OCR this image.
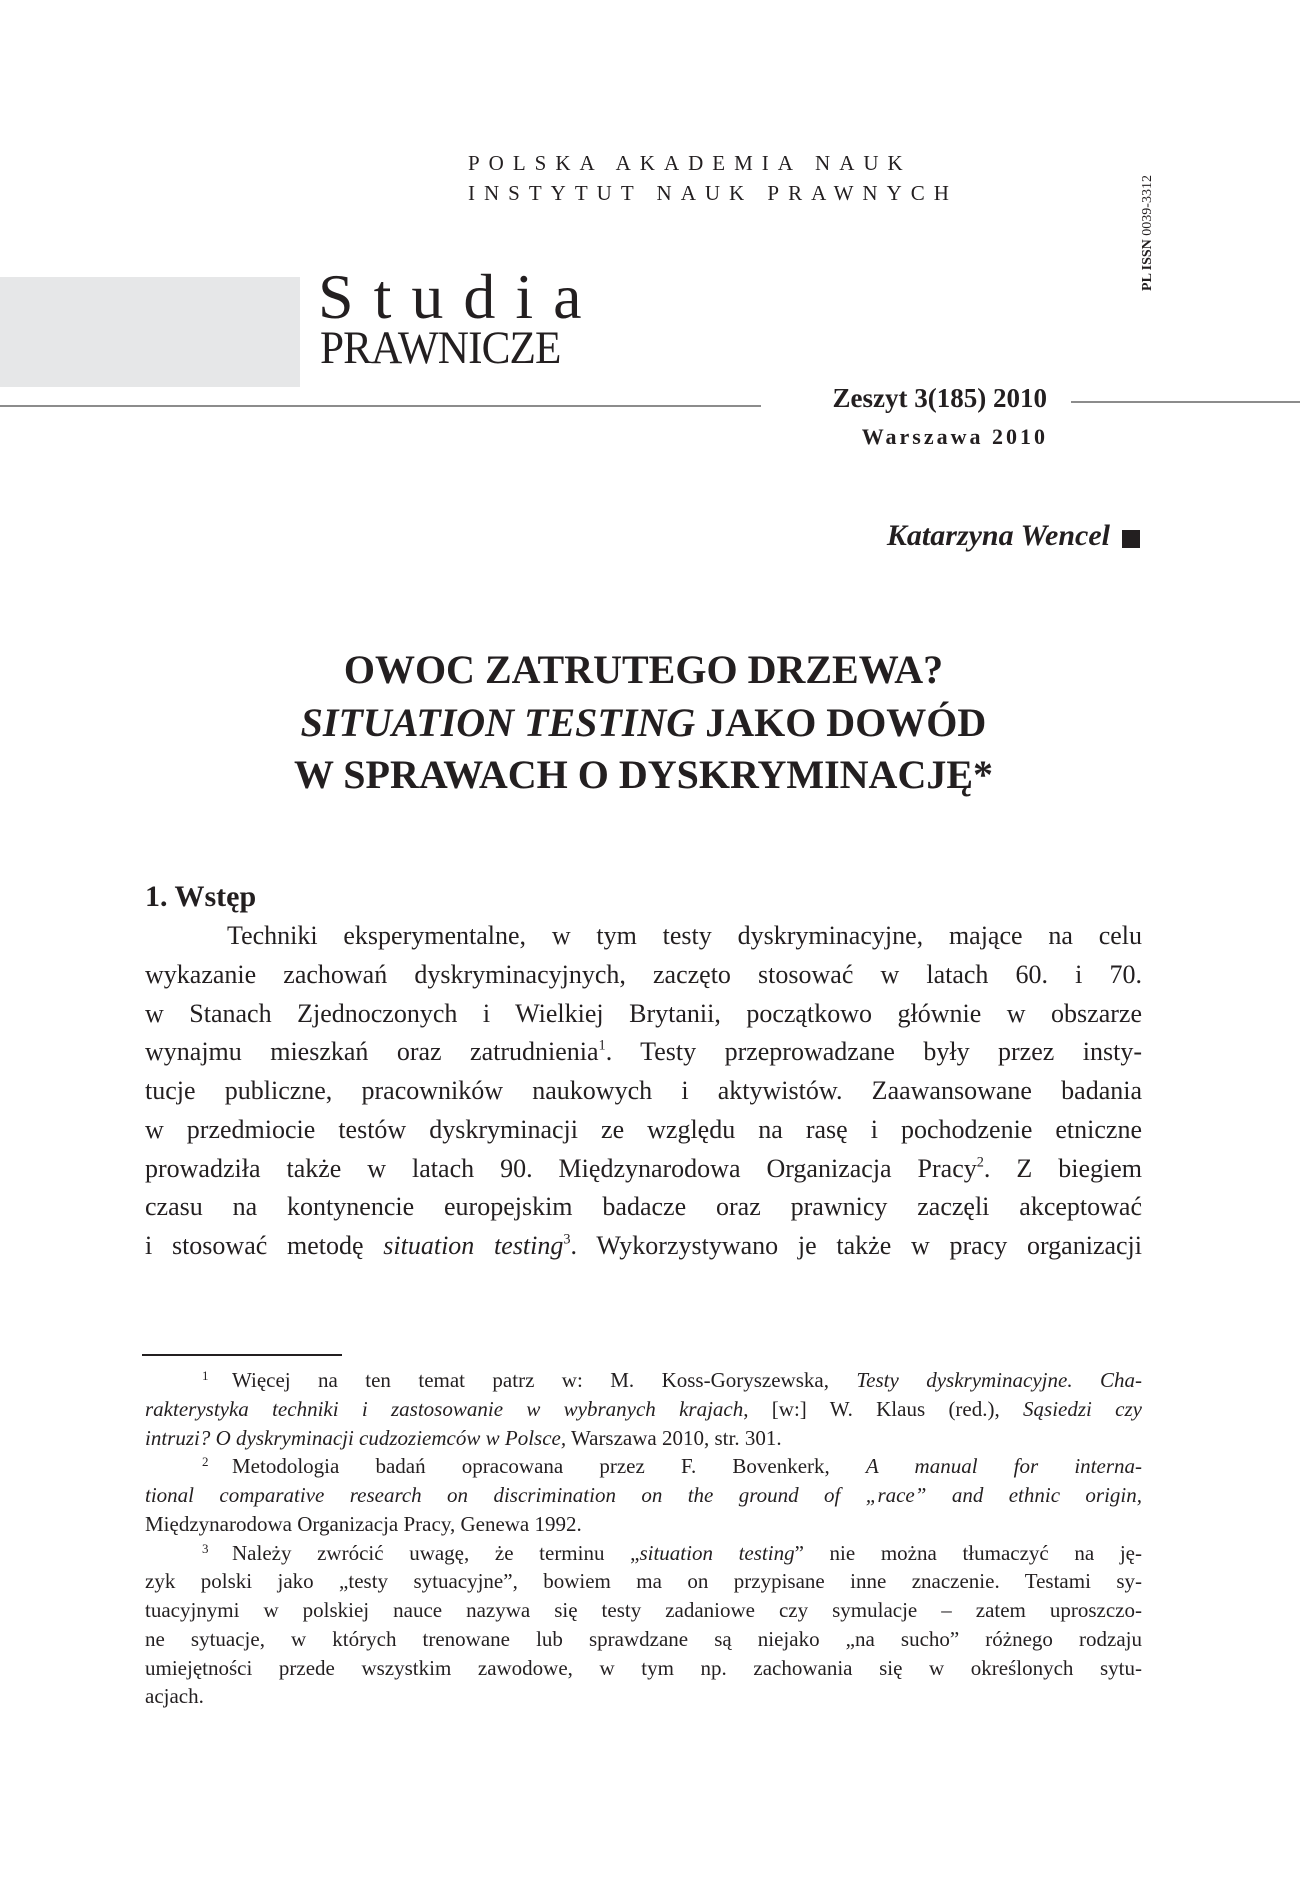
POLSKA AKADEMIA NAUK
INSTYTUT NAUK PRAWNYCH
Studia
PRAWNICZE
PL ISSN 0039-3312
Zeszyt 3(185) 2010
Warszawa 2010
Katarzyna Wencel
OWOC ZATRUTEGO DRZEWA?
SITUATION TESTING JAKO DOWÓD
W SPRAWACH O DYSKRYMINACJĘ*
1. Wstęp
Techniki eksperymentalne, w tym testy dyskryminacyjne, mające na celu
wykazanie zachowań dyskryminacyjnych, zaczęto stosować w latach 60. i 70.
w Stanach Zjednoczonych i Wielkiej Brytanii, początkowo głównie w obszarze
wynajmu mieszkań oraz zatrudnienia$^1$. Testy przeprowadzane były przez insty-
tucje publiczne, pracowników naukowych i aktywistów. Zaawansowane badania
w przedmiocie testów dyskryminacji ze względu na rasę i pochodzenie etniczne
prowadziła także w latach 90. Międzynarodowa Organizacja Pracy$^2$. Z biegiem
czasu na kontynencie europejskim badacze oraz prawnicy zaczęli akceptować
i stosować metodę situation testing$^3$. Wykorzystywano je także w pracy organizacji
1 Więcej na ten temat patrz w: M. Koss-Goryszewska, Testy dyskryminacyjne. Cha-
rakterystyka techniki i zastosowanie w wybranych krajach, [w:] W. Klaus (red.), Sąsiedzi czy
intruzi? O dyskryminacji cudzoziemców w Polsce, Warszawa 2010, str. 301.
2 Metodologia badań opracowana przez F. Bovenkerk, A manual for interna-
tional comparative research on discrimination on the ground of „race” and ethnic origin,
Międzynarodowa Organizacja Pracy, Genewa 1992.
3 Należy zwrócić uwagę, że terminu „situation testing” nie można tłumaczyć na ję-
zyk polski jako „testy sytuacyjne”, bowiem ma on przypisane inne znaczenie. Testami sy-
tuacyjnymi w polskiej nauce nazywa się testy zadaniowe czy symulacje – zatem uproszczo-
ne sytuacje, w których trenowane lub sprawdzane są niejako „na sucho” różnego rodzaju
umiejętności przede wszystkim zawodowe, w tym np. zachowania się w określonych sytu-
acjach.
